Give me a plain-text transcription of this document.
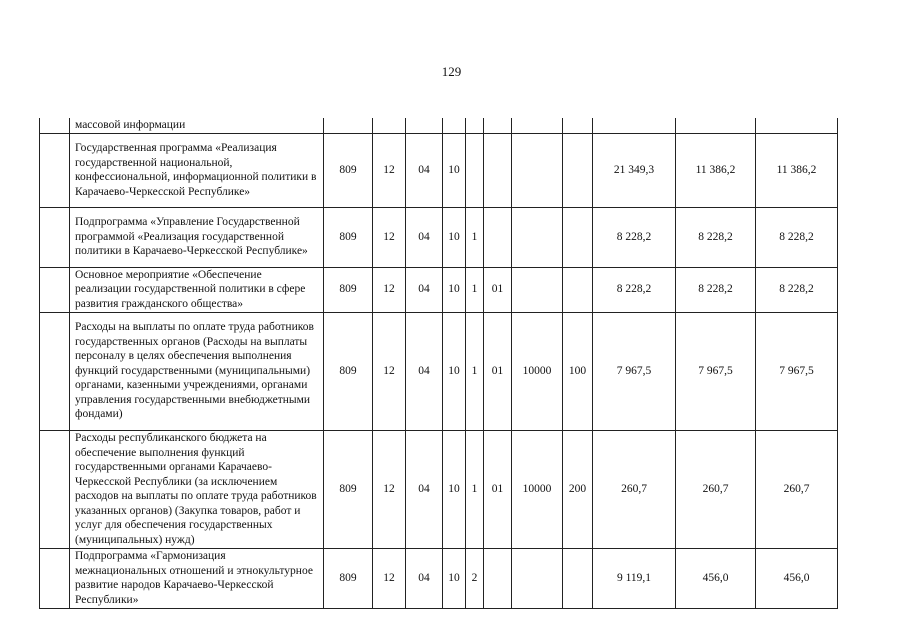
129
	массовой информации											
	Государственная программа «Реализация государственной национальной, конфессиональной, информационной политики в Карачаево-Черкесской Республике»	809	12	04	10					21 349,3	11 386,2	11 386,2
	Подпрограмма «Управление Государственной программой «Реализация государственной политики в Карачаево-Черкесской Республике»	809	12	04	10	1				8 228,2	8 228,2	8 228,2
	Основное мероприятие «Обеспечение реализации государственной политики в сфере развития гражданского общества»	809	12	04	10	1	01			8 228,2	8 228,2	8 228,2
	Расходы на выплаты по оплате труда работников государственных органов (Расходы на выплаты персоналу в целях обеспечения выполнения функций государственными (муниципальными) органами, казенными учреждениями, органами управления государственными внебюджетными фондами)	809	12	04	10	1	01	10000	100	7 967,5	7 967,5	7 967,5
	Расходы республиканского бюджета на обеспечение выполнения функций государственными органами Карачаево-Черкесской Республики (за исключением расходов на выплаты по оплате труда работников указанных органов) (Закупка товаров, работ и услуг для обеспечения государственных (муниципальных) нужд)	809	12	04	10	1	01	10000	200	260,7	260,7	260,7
	Подпрограмма «Гармонизация межнациональных отношений и этнокультурное развитие народов Карачаево-Черкесской Республики»	809	12	04	10	2				9 119,1	456,0	456,0
